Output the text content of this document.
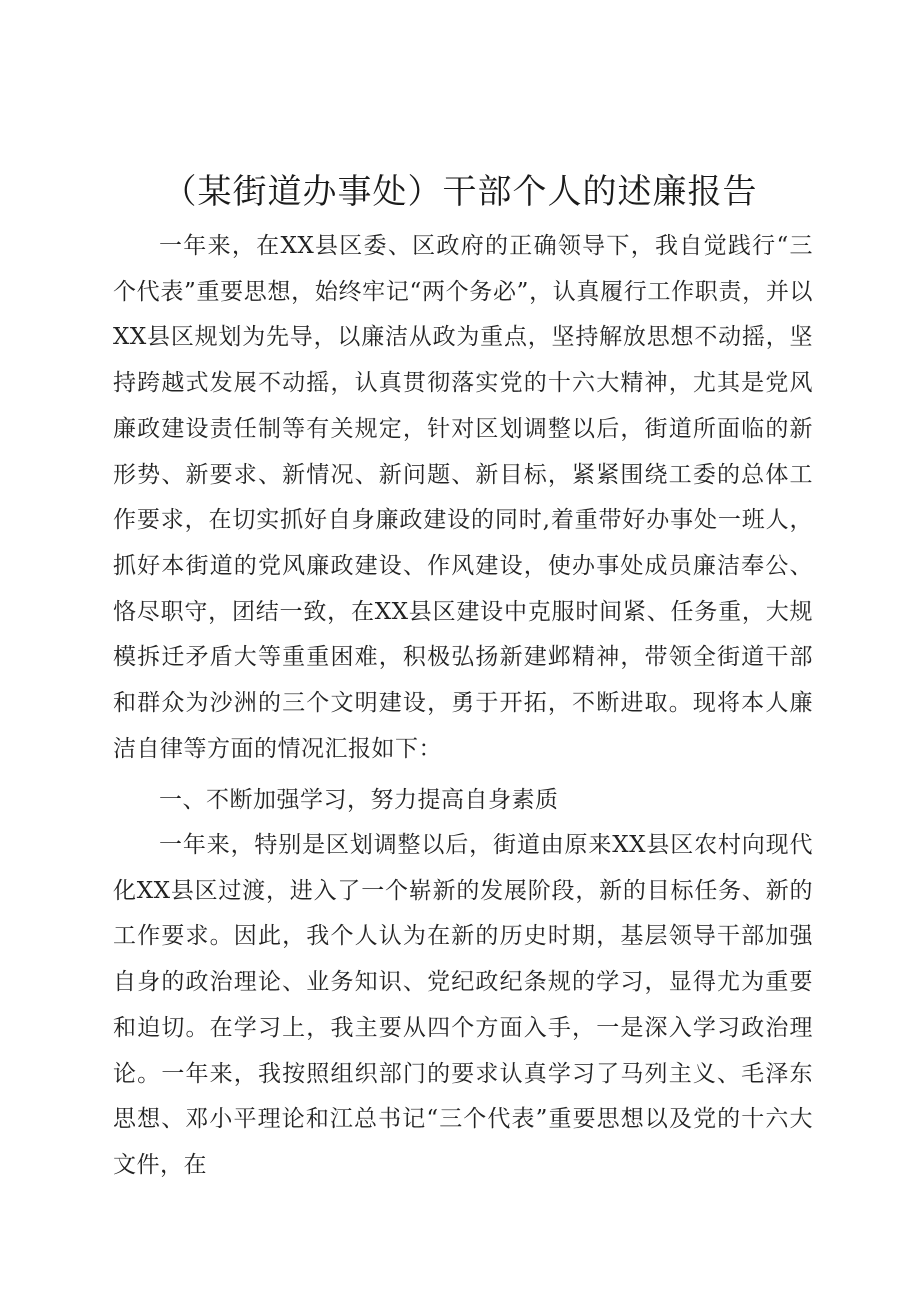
（某街道办事处）干部个人的述廉报告

一年来，在XX县区委、区政府的正确领导下，我自觉践行“三个代表”重要思想，始终牢记“两个务必”，认真履行工作职责，并以XX县区规划为先导，以廉洁从政为重点，坚持解放思想不动摇，坚持跨越式发展不动摇，认真贯彻落实党的十六大精神，尤其是党风廉政建设责任制等有关规定，针对区划调整以后，街道所面临的新形势、新要求、新情况、新问题、新目标，紧紧围绕工委的总体工作要求，在切实抓好自身廉政建设的同时,着重带好办事处一班人，抓好本街道的党风廉政建设、作风建设，使办事处成员廉洁奉公、恪尽职守，团结一致，在XX县区建设中克服时间紧、任务重，大规模拆迁矛盾大等重重困难，积极弘扬新建邺精神，带领全街道干部和群众为沙洲的三个文明建设，勇于开拓，不断进取。现将本人廉洁自律等方面的情况汇报如下：

一、不断加强学习，努力提高自身素质

一年来，特别是区划调整以后，街道由原来XX县区农村向现代化XX县区过渡，进入了一个崭新的发展阶段，新的目标任务、新的工作要求。因此，我个人认为在新的历史时期，基层领导干部加强自身的政治理论、业务知识、党纪政纪条规的学习，显得尤为重要和迫切。在学习上，我主要从四个方面入手，一是深入学习政治理论。一年来，我按照组织部门的要求认真学习了马列主义、毛泽东思想、邓小平理论和江总书记“三个代表”重要思想以及党的十六大文件，在
